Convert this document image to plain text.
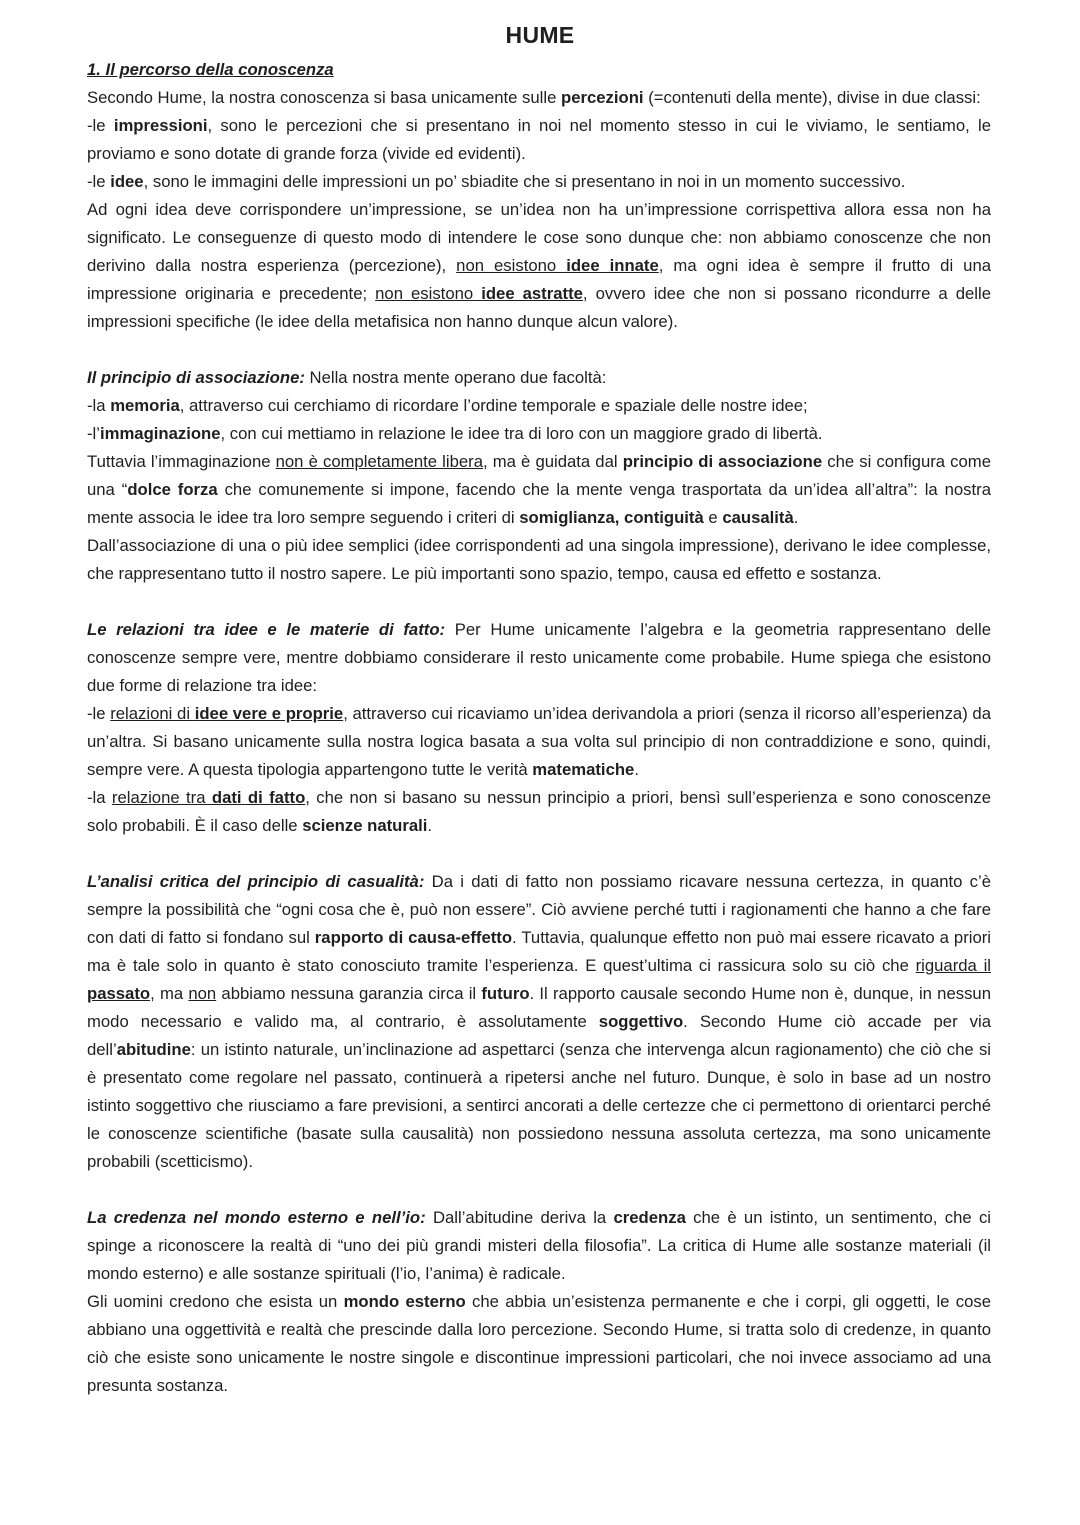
HUME
1. Il percorso della conoscenza

Secondo Hume, la nostra conoscenza si basa unicamente sulle percezioni (=contenuti della mente), divise in due classi:

-le impressioni, sono le percezioni che si presentano in noi nel momento stesso in cui le viviamo, le sentiamo, le proviamo e sono dotate di grande forza (vivide ed evidenti).

-le idee, sono le immagini delle impressioni un po’ sbiadite che si presentano in noi in un momento successivo.

Ad ogni idea deve corrispondere un’impressione, se un’idea non ha un’impressione corrispettiva allora essa non ha significato. Le conseguenze di questo modo di intendere le cose sono dunque che: non abbiamo conoscenze che non derivino dalla nostra esperienza (percezione), non esistono idee innate, ma ogni idea è sempre il frutto di una impressione originaria e precedente; non esistono idee astratte, ovvero idee che non si possano ricondurre a delle impressioni specifiche (le idee della metafisica non hanno dunque alcun valore).

Il principio di associazione: Nella nostra mente operano due facoltà:

-la memoria, attraverso cui cerchiamo di ricordare l’ordine temporale e spaziale delle nostre idee;

-l’immaginazione, con cui mettiamo in relazione le idee tra di loro con un maggiore grado di libertà.

Tuttavia l’immaginazione non è completamente libera, ma è guidata dal principio di associazione che si configura come una “dolce forza che comunemente si impone, facendo che la mente venga trasportata da un’idea all’altra”: la nostra mente associa le idee tra loro sempre seguendo i criteri di somiglianza, contiguità e causalità.

Dall’associazione di una o più idee semplici (idee corrispondenti ad una singola impressione), derivano le idee complesse, che rappresentano tutto il nostro sapere. Le più importanti sono spazio, tempo, causa ed effetto e sostanza.

Le relazioni tra idee e le materie di fatto: Per Hume unicamente l’algebra e la geometria rappresentano delle conoscenze sempre vere, mentre dobbiamo considerare il resto unicamente come probabile. Hume spiega che esistono due forme di relazione tra idee:

-le relazioni di idee vere e proprie, attraverso cui ricaviamo un’idea derivandola a priori (senza il ricorso all’esperienza) da un’altra. Si basano unicamente sulla nostra logica basata a sua volta sul principio di non contraddizione e sono, quindi, sempre vere. A questa tipologia appartengono tutte le verità matematiche.

-la relazione tra dati di fatto, che non si basano su nessun principio a priori, bensì sull’esperienza e sono conoscenze solo probabili. È il caso delle scienze naturali.

L’analisi critica del principio di casualità: Da i dati di fatto non possiamo ricavare nessuna certezza, in quanto c’è sempre la possibilità che “ogni cosa che è, può non essere”. Ciò avviene perché tutti i ragionamenti che hanno a che fare con dati di fatto si fondano sul rapporto di causa-effetto. Tuttavia, qualunque effetto non può mai essere ricavato a priori ma è tale solo in quanto è stato conosciuto tramite l’esperienza. E quest’ultima ci rassicura solo su ciò che riguarda il passato, ma non abbiamo nessuna garanzia circa il futuro. Il rapporto causale secondo Hume non è, dunque, in nessun modo necessario e valido ma, al contrario, è assolutamente soggettivo. Secondo Hume ciò accade per via dell’abitudine: un istinto naturale, un’inclinazione ad aspettarci (senza che intervenga alcun ragionamento) che ciò che si è presentato come regolare nel passato, continuerà a ripetersi anche nel futuro. Dunque, è solo in base ad un nostro istinto soggettivo che riusciamo a fare previsioni, a sentirci ancorati a delle certezze che ci permettono di orientarci perché le conoscenze scientifiche (basate sulla causalità) non possiedono nessuna assoluta certezza, ma sono unicamente probabili (scetticismo).

La credenza nel mondo esterno e nell’io: Dall’abitudine deriva la credenza che è un istinto, un sentimento, che ci spinge a riconoscere la realtà di “uno dei più grandi misteri della filosofia”. La critica di Hume alle sostanze materiali (il mondo esterno) e alle sostanze spirituali (l’io, l’anima) è radicale.

Gli uomini credono che esista un mondo esterno che abbia un’esistenza permanente e che i corpi, gli oggetti, le cose abbiano una oggettività e realtà che prescinde dalla loro percezione. Secondo Hume, si tratta solo di credenze, in quanto ciò che esiste sono unicamente le nostre singole e discontinue impressioni particolari, che noi invece associamo ad una presunta sostanza.
